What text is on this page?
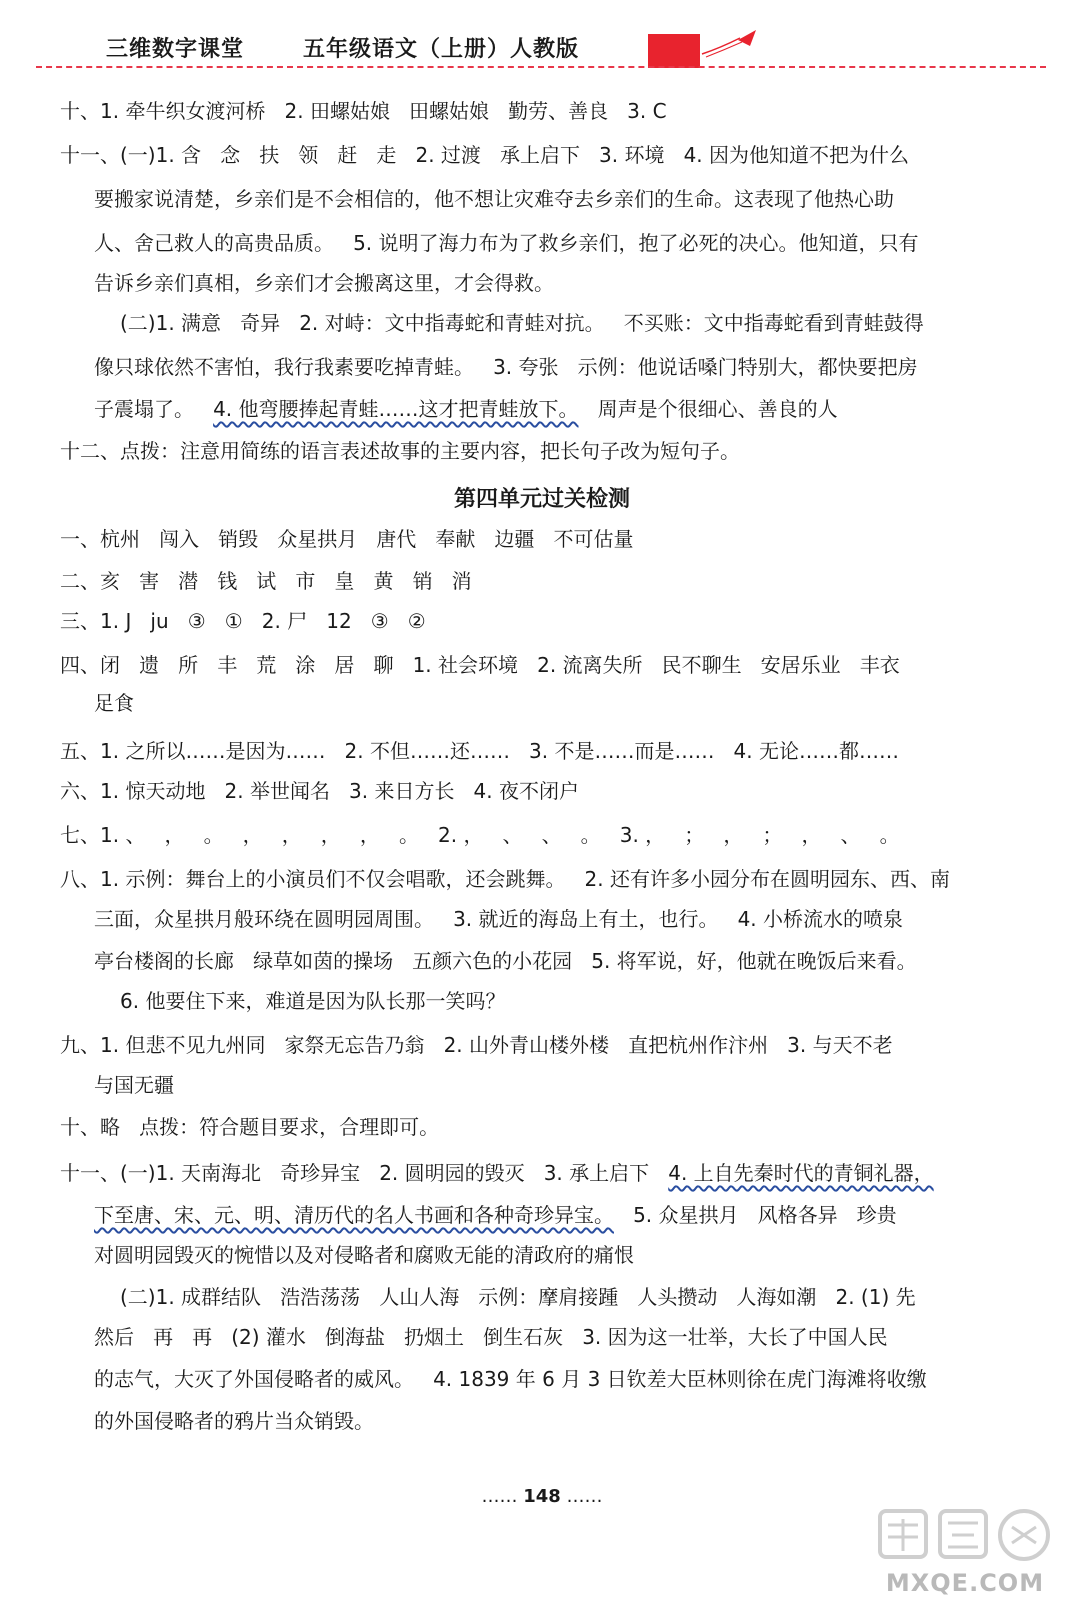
三维数字课堂	五年级语文（上册）人教版
十、1. 牵牛织女渡河桥   2. 田螺姑娘   田螺姑娘   勤劳、善良   3. C
十一、(一)1. 含   念   扶   领   赶   走   2. 过渡   承上启下   3. 环境   4. 因为他知道不把为什么
要搬家说清楚，乡亲们是不会相信的，他不想让灾难夺去乡亲们的生命。这表现了他热心助
人、舍己救人的高贵品质。   5. 说明了海力布为了救乡亲们，抱了必死的决心。他知道，只有
告诉乡亲们真相，乡亲们才会搬离这里，才会得救。
(二)1. 满意   奇异   2. 对峙：文中指毒蛇和青蛙对抗。   不买账：文中指毒蛇看到青蛙鼓得
像只球依然不害怕，我行我素要吃掉青蛙。   3. 夸张   示例：他说话嗓门特别大，都快要把房
子震塌了。   4. 他弯腰捧起青蛙……这才把青蛙放下。   周声是个很细心、善良的人
十二、点拨：注意用简练的语言表述故事的主要内容，把长句子改为短句子。
第四单元过关检测
一、杭州   闯入   销毁   众星拱月   唐代   奉献   边疆   不可估量
二、亥   害   潜   钱   试   市   皇   黄   销   消
三、1. J   ju   ③   ①   2. 尸   12   ③   ②
四、闭   遗   所   丰   荒   涂   居   聊   1. 社会环境   2. 流离失所   民不聊生   安居乐业   丰衣
足食
五、1. 之所以……是因为……   2. 不但……还……   3. 不是……而是……   4. 无论……都……
六、1. 惊天动地   2. 举世闻名   3. 来日方长   4. 夜不闭户
七、1. 、   ，   。   ，   ，   ，   ，   。   2. ，   、   、   。   3. ，   ；   ，   ；   ，   、   。
八、1. 示例：舞台上的小演员们不仅会唱歌，还会跳舞。   2. 还有许多小园分布在圆明园东、西、南
三面，众星拱月般环绕在圆明园周围。   3. 就近的海岛上有土，也行。   4. 小桥流水的喷泉
亭台楼阁的长廊   绿草如茵的操场   五颜六色的小花园   5. 将军说，好，他就在晚饭后来看。
6. 他要住下来，难道是因为队长那一笑吗？
九、1. 但悲不见九州同   家祭无忘告乃翁   2. 山外青山楼外楼   直把杭州作汴州   3. 与天不老
与国无疆
十、略   点拨：符合题目要求，合理即可。
十一、(一)1. 天南海北   奇珍异宝   2. 圆明园的毁灭   3. 承上启下   4. 上自先秦时代的青铜礼器，
下至唐、宋、元、明、清历代的名人书画和各种奇珍异宝。   5. 众星拱月   风格各异   珍贵
对圆明园毁灭的惋惜以及对侵略者和腐败无能的清政府的痛恨
(二)1. 成群结队   浩浩荡荡   人山人海   示例：摩肩接踵   人头攒动   人海如潮   2. (1) 先
然后   再   再   (2) 灌水   倒海盐   扔烟土   倒生石灰   3. 因为这一壮举，大长了中国人民
的志气，大灭了外国侵略者的威风。   4. 1839 年 6 月 3 日钦差大臣林则徐在虎门海滩将收缴
的外国侵略者的鸦片当众销毁。
…… 148 ……
MXQE.COM
